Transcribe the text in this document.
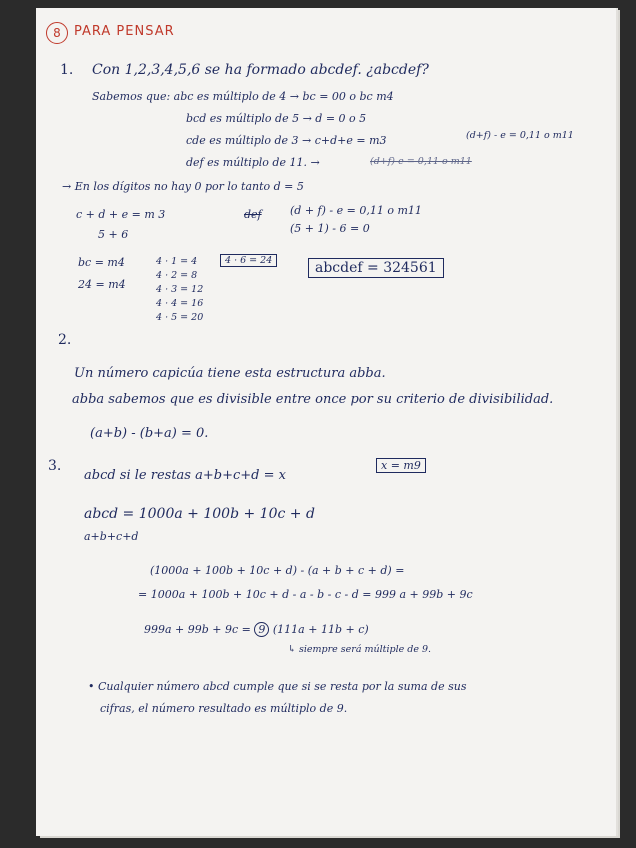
8	PARA PENSAR
1. Con 1,2,3,4,5,6 se ha formado abcdef. ¿abcdef?
Sabemos que: abc es múltiplo de 4 → bc = 00 o bc m4
bcd es múltiplo de 5 → d = 0 o 5
cde es múltiplo de 3 → c+d+e = m3
def es múltiplo de 11. →
(d+f) - e = 0,11 o m11
(d+f)-e = 0,11 o m11
→ En los dígitos no hay 0 por lo tanto d = 5
c + d + e = m 3
5 + 6
def	(d + f) - e = 0,11 o m11
(5 + 1) - 6 = 0
bc = m4
24 = m4
4 · 1 = 4
4 · 2 = 8
4 · 3 = 12
4 · 4 = 16
4 · 5 = 20
4 · 6 = 24	abcdef = 324561
2.
Un número capicúa tiene esta estructura abba.
abba sabemos que es divisible entre once por su criterio de divisibilidad.
(a+b) - (b+a) = 0.
3.
abcd si le restas a+b+c+d = x
x = m9
abcd = 1000a + 100b + 10c + d
a+b+c+d
(1000a + 100b + 10c + d) - (a + b + c + d) =
= 1000a + 100b + 10c + d - a - b - c - d = 999 a + 99b + 9c
999a + 99b + 9c = 9 (111a + 11b + c)
↳ siempre será múltiple de 9.
• Cualquier número abcd cumple que si se resta por la suma de sus
cifras, el número resultado es múltiplo de 9.
